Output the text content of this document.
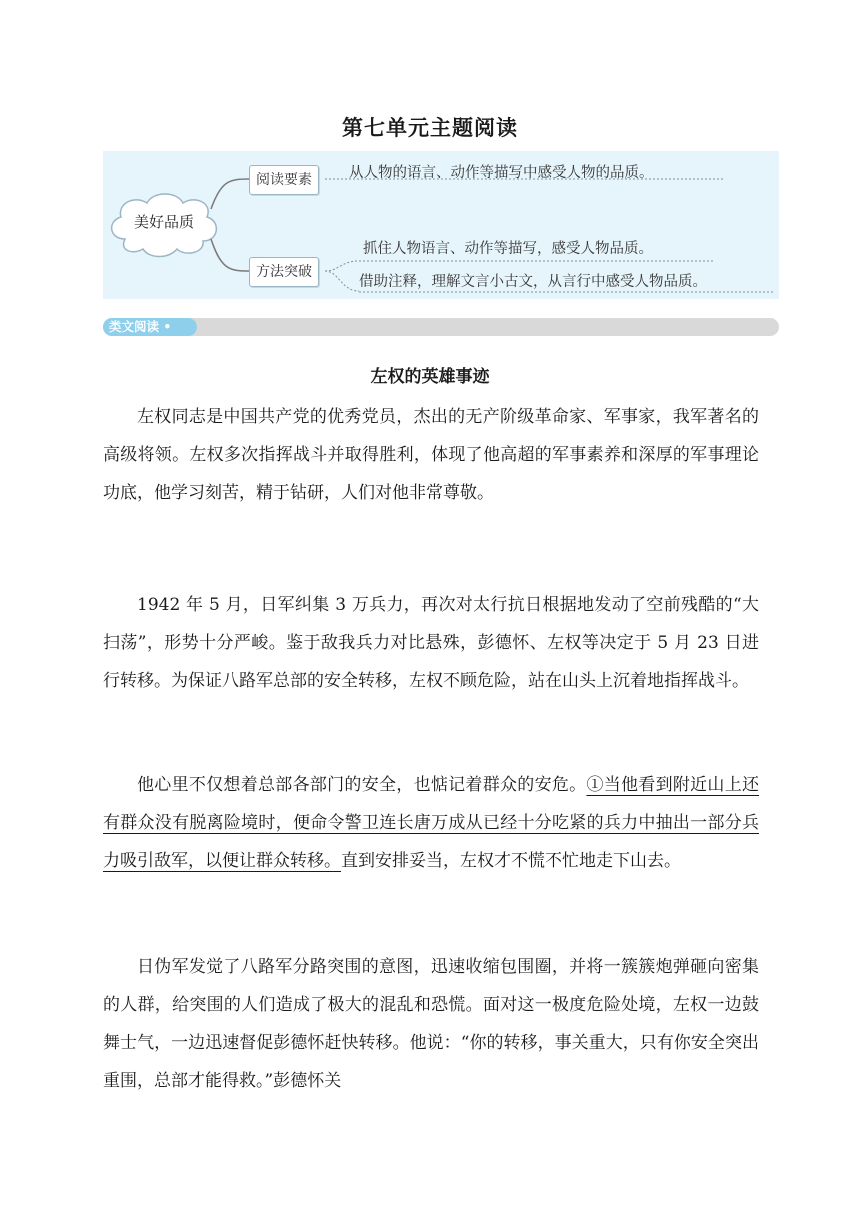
第七单元主题阅读
美好品质
阅读要素	从人物的语言、动作等描写中感受人物的品质。
方法突破
抓住人物语言、动作等描写，感受人物品质。
借助注释，理解文言小古文，从言行中感受人物品质。
类文阅读 •
左权的英雄事迹

左权同志是中国共产党的优秀党员，杰出的无产阶级革命家、军事家，我军著名的高级将领。左权多次指挥战斗并取得胜利，体现了他高超的军事素养和深厚的军事理论功底，他学习刻苦，精于钻研，人们对他非常尊敬。

1942 年 5 月，日军纠集 3 万兵力，再次对太行抗日根据地发动了空前残酷的“大扫荡”，形势十分严峻。鉴于敌我兵力对比悬殊，彭德怀、左权等决定于 5 月 23 日进行转移。为保证八路军总部的安全转移，左权不顾危险，站在山头上沉着地指挥战斗。

他心里不仅想着总部各部门的安全，也惦记着群众的安危。①当他看到附近山上还有群众没有脱离险境时，便命令警卫连长唐万成从已经十分吃紧的兵力中抽出一部分兵力吸引敌军，以便让群众转移。直到安排妥当，左权才不慌不忙地走下山去。

日伪军发觉了八路军分路突围的意图，迅速收缩包围圈，并将一簇簇炮弹砸向密集的人群，给突围的人们造成了极大的混乱和恐慌。面对这一极度危险处境，左权一边鼓舞士气，一边迅速督促彭德怀赶快转移。他说：“你的转移，事关重大，只有你安全突出重围，总部才能得救。”彭德怀关
